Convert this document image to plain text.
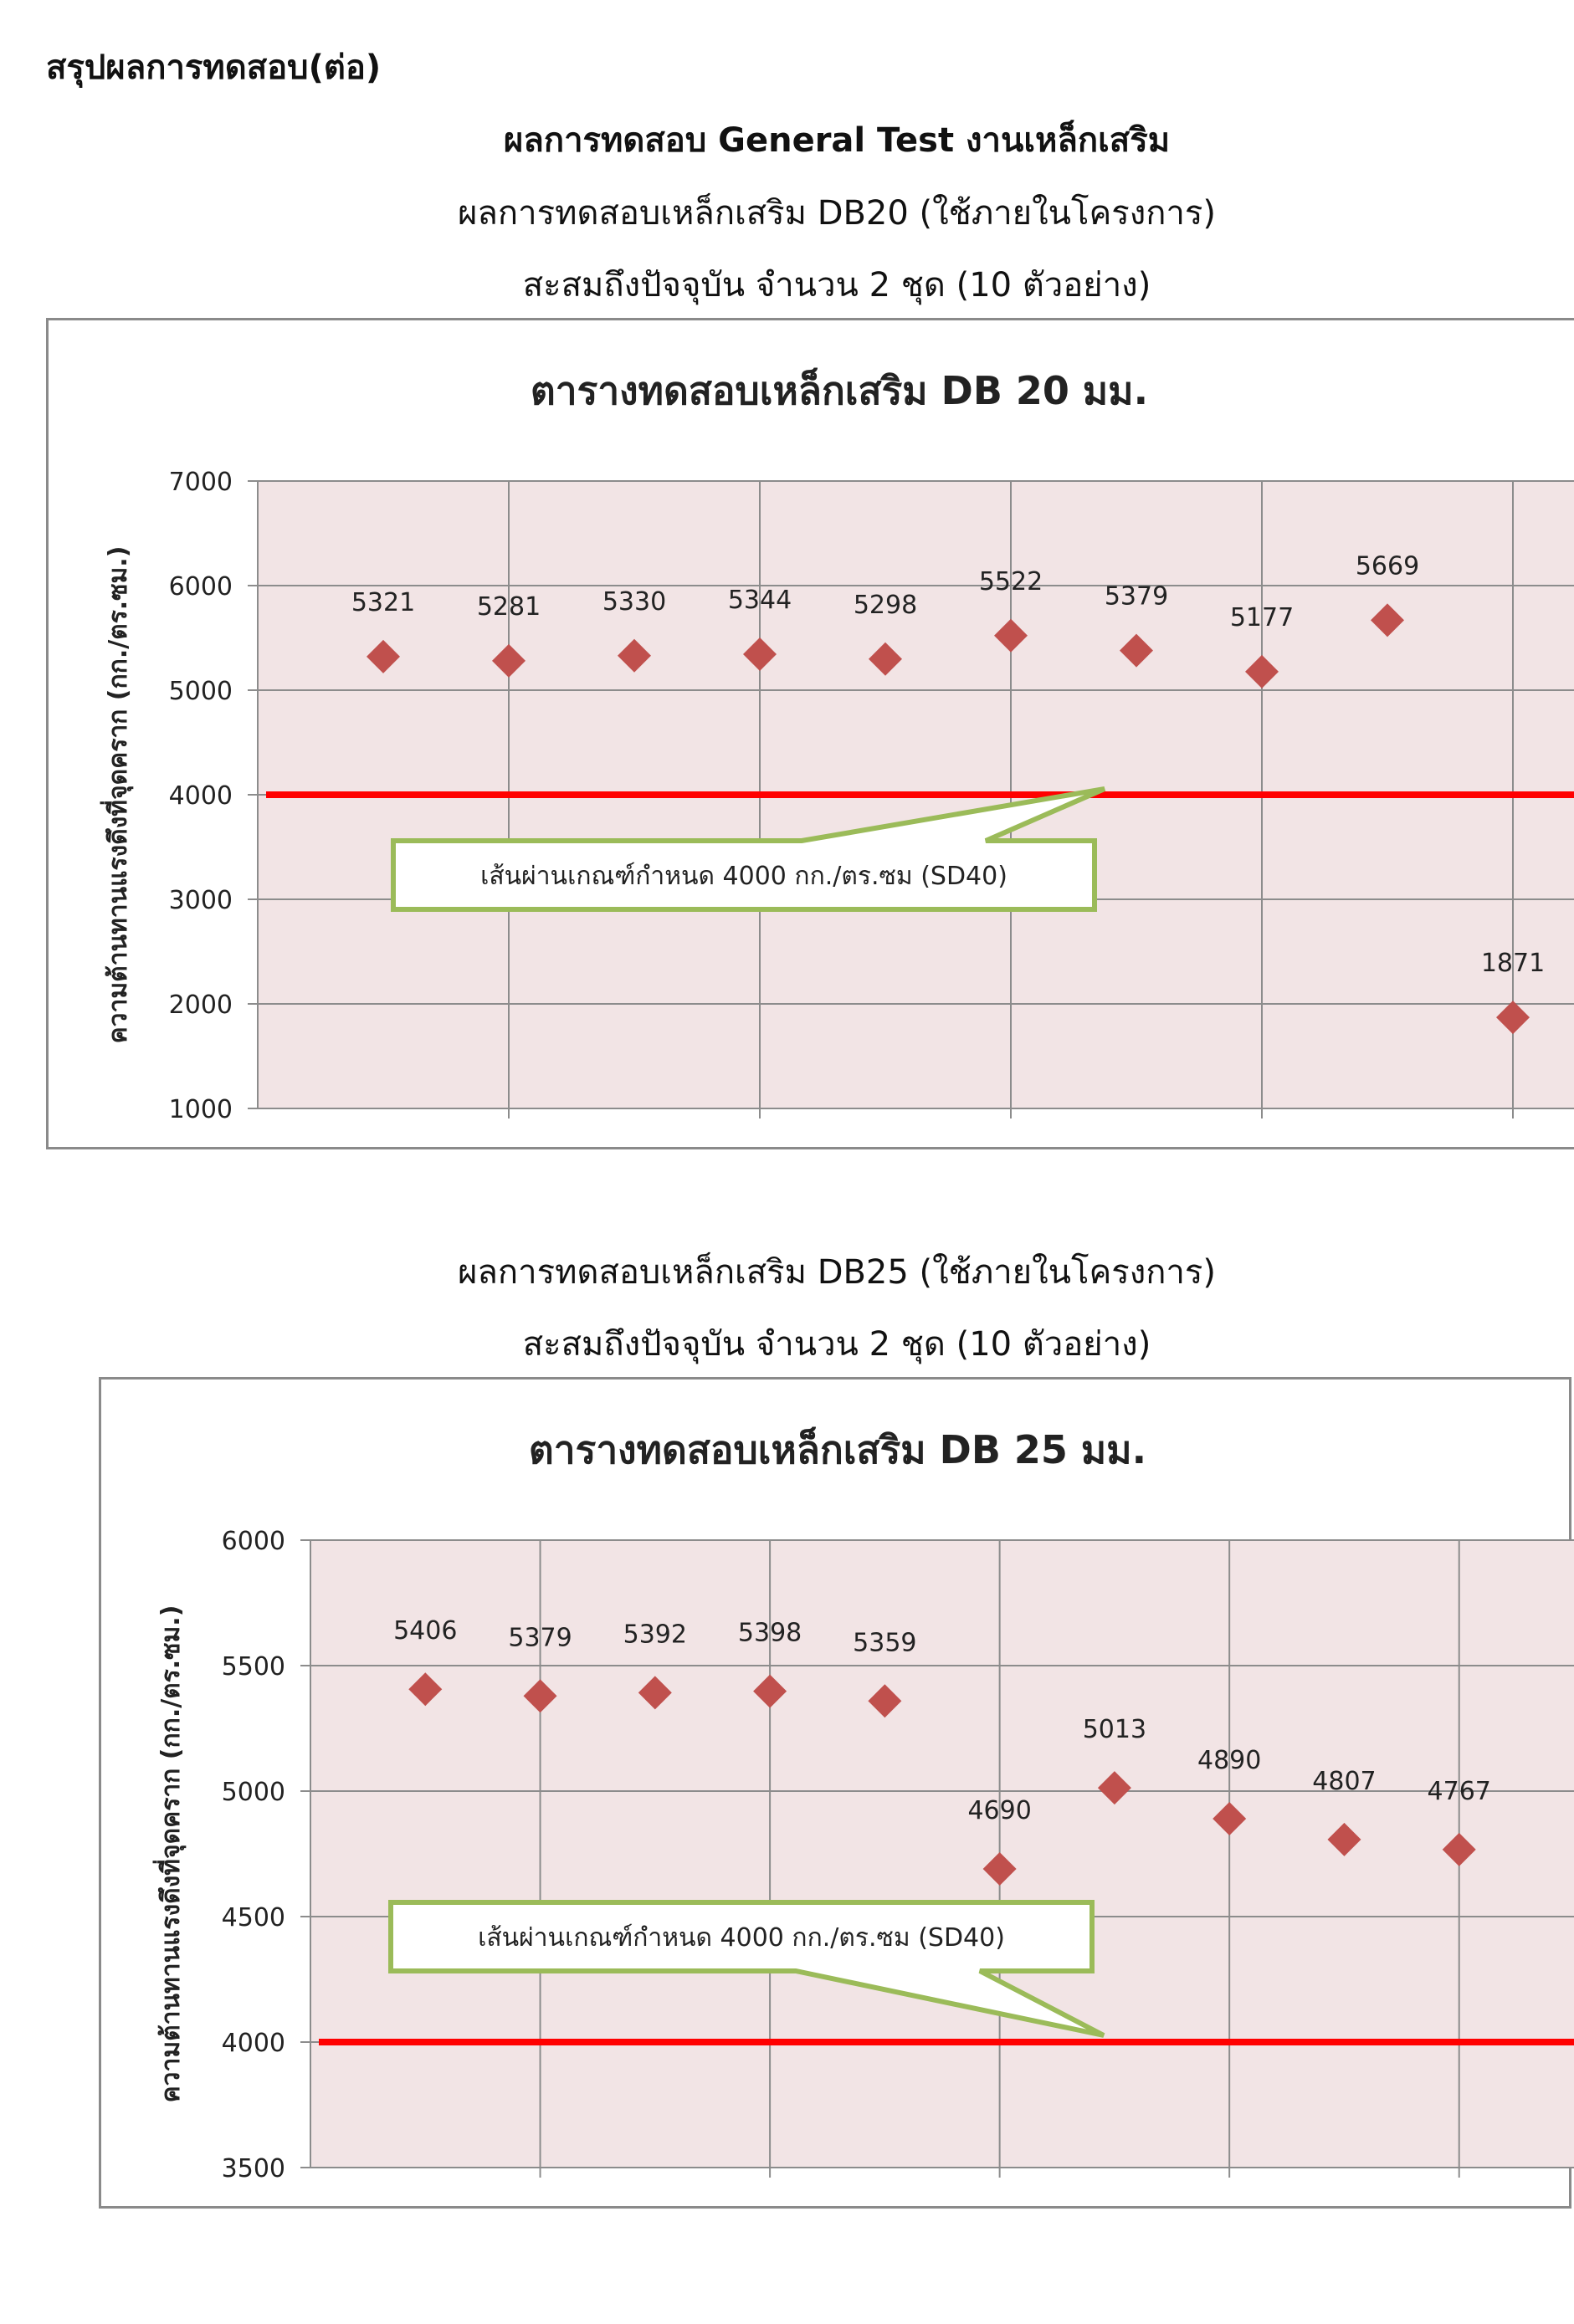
สรุปผลการทดสอบ(ต่อ)
ผลการทดสอบ General Test งานเหล็กเสริม
ผลการทดสอบเหล็กเสริม DB20 (ใช้ภายในโครงการ)
สะสมถึงปัจจุบัน จำนวน 2 ชุด (10 ตัวอย่าง)
ตารางทดสอบเหล็กเสริม DB 20 มม.
1000
2000
3000
4000
5000
6000
7000
เส้นผ่านเกณฑ์กำหนด 4000 กก./ตร.ซม (SD40)
5321 5281 5330 5344 5298
5522
5379
5177
5669
1871
ความต้านทานแรงดึงที่จุดคราก (กก./ตร.ซม.)
ผลการทดสอบเหล็กเสริม DB25 (ใช้ภายในโครงการ)
สะสมถึงปัจจุบัน จำนวน 2 ชุด (10 ตัวอย่าง)
ตารางทดสอบเหล็กเสริม DB 25 มม.
3500
4000
4500
5000
5500
6000
เส้นผ่านเกณฑ์กำหนด 4000 กก./ตร.ซม (SD40)
5406 5379 5392 5398 5359
4690
5013
4890
4807 4767
ความต้านทานแรงดึงที่จุดคราก (กก./ตร.ซม.)
